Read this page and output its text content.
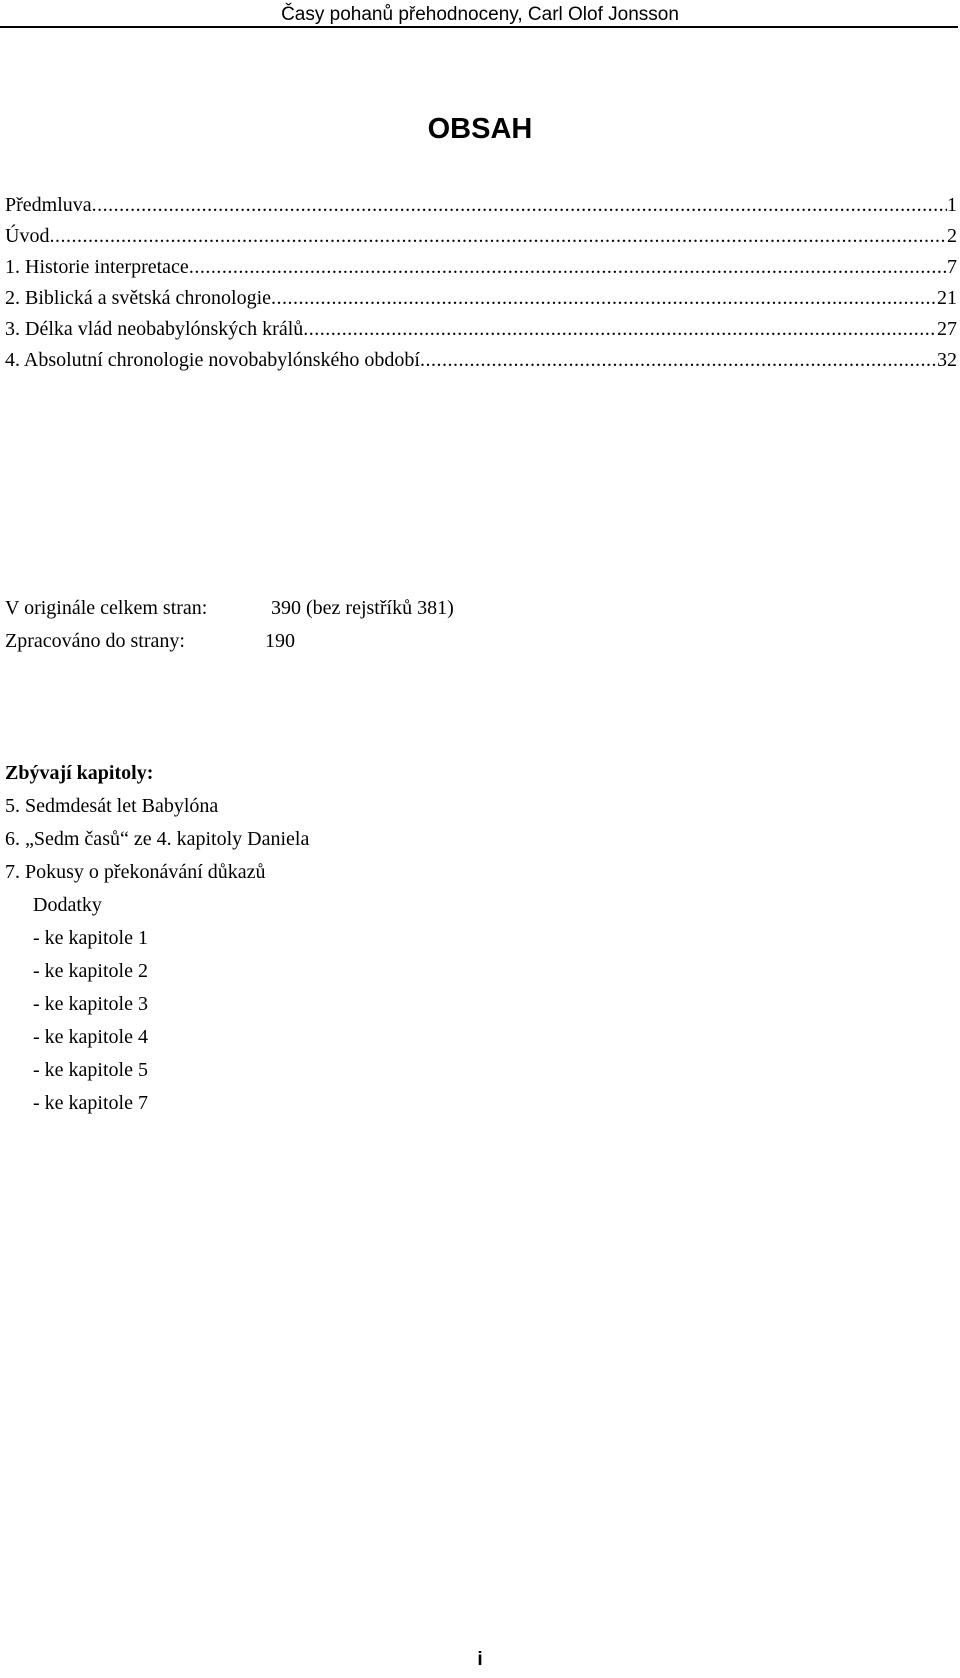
Časy pohanů přehodnoceny, Carl Olof Jonsson
OBSAH
Předmluva .....	1
Úvod .....	2
1. Historie interpretace .....	7
2. Biblická a světská chronologie .....	21
3. Délka vlád neobabylónských králů .....	27
4. Absolutní chronologie novobabylónského období .....	32
V originále celkem stran:	390 (bez rejstříků 381)
Zpracováno do strany:	190
Zbývají kapitoly:
5. Sedmdesát let Babylóna
6. „Sedm časů“ ze 4. kapitoly Daniela
7. Pokusy o překonávání důkazů
Dodatky
- ke kapitole 1
- ke kapitole 2
- ke kapitole 3
- ke kapitole 4
- ke kapitole 5
- ke kapitole 7
i
